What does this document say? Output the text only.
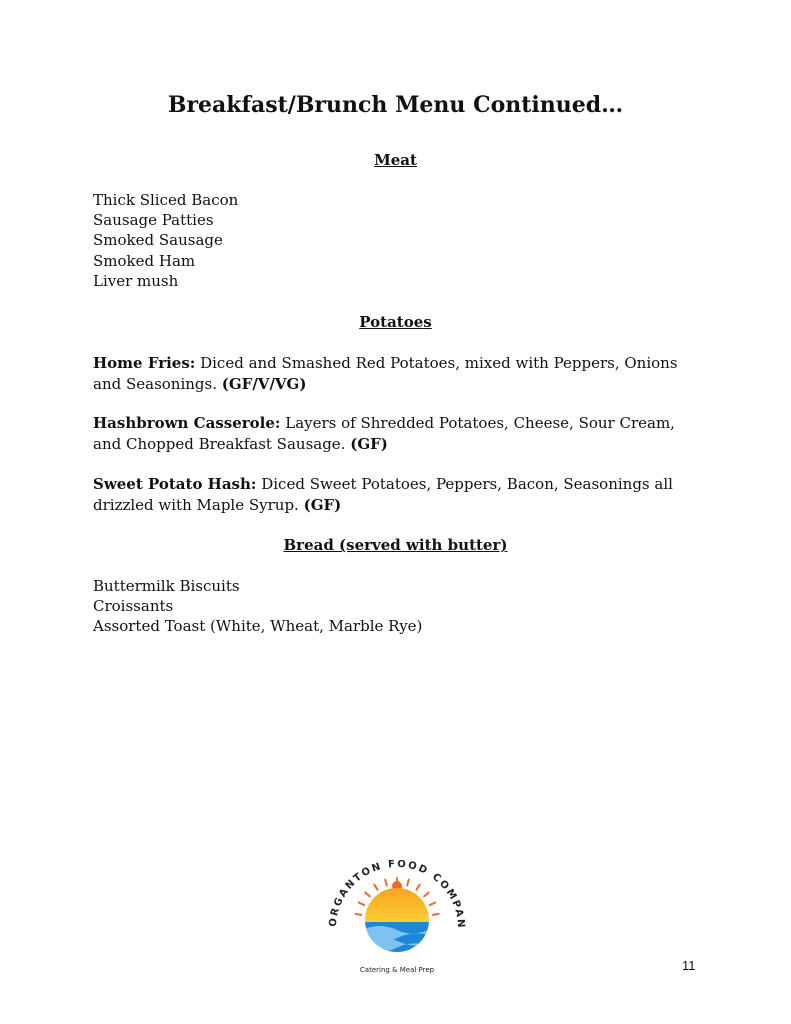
Breakfast/Brunch Menu Continued…
Meat
Thick Sliced Bacon
Sausage Patties
Smoked Sausage
Smoked Ham
Liver mush
Potatoes

Home Fries: Diced and Smashed Red Potatoes, mixed with Peppers, Onions and Seasonings. (GF/V/VG)

Hashbrown Casserole: Layers of Shredded Potatoes, Cheese, Sour Cream, and Chopped Breakfast Sausage. (GF)

Sweet Potato Hash: Diced Sweet Potatoes, Peppers, Bacon, Seasonings all drizzled with Maple Syrup. (GF)

Bread (served with butter)
Buttermilk Biscuits
Croissants
Assorted Toast (White, Wheat, Marble Rye)
ORGANTON FOOD COMPAN
Catering & Meal Prep	11
